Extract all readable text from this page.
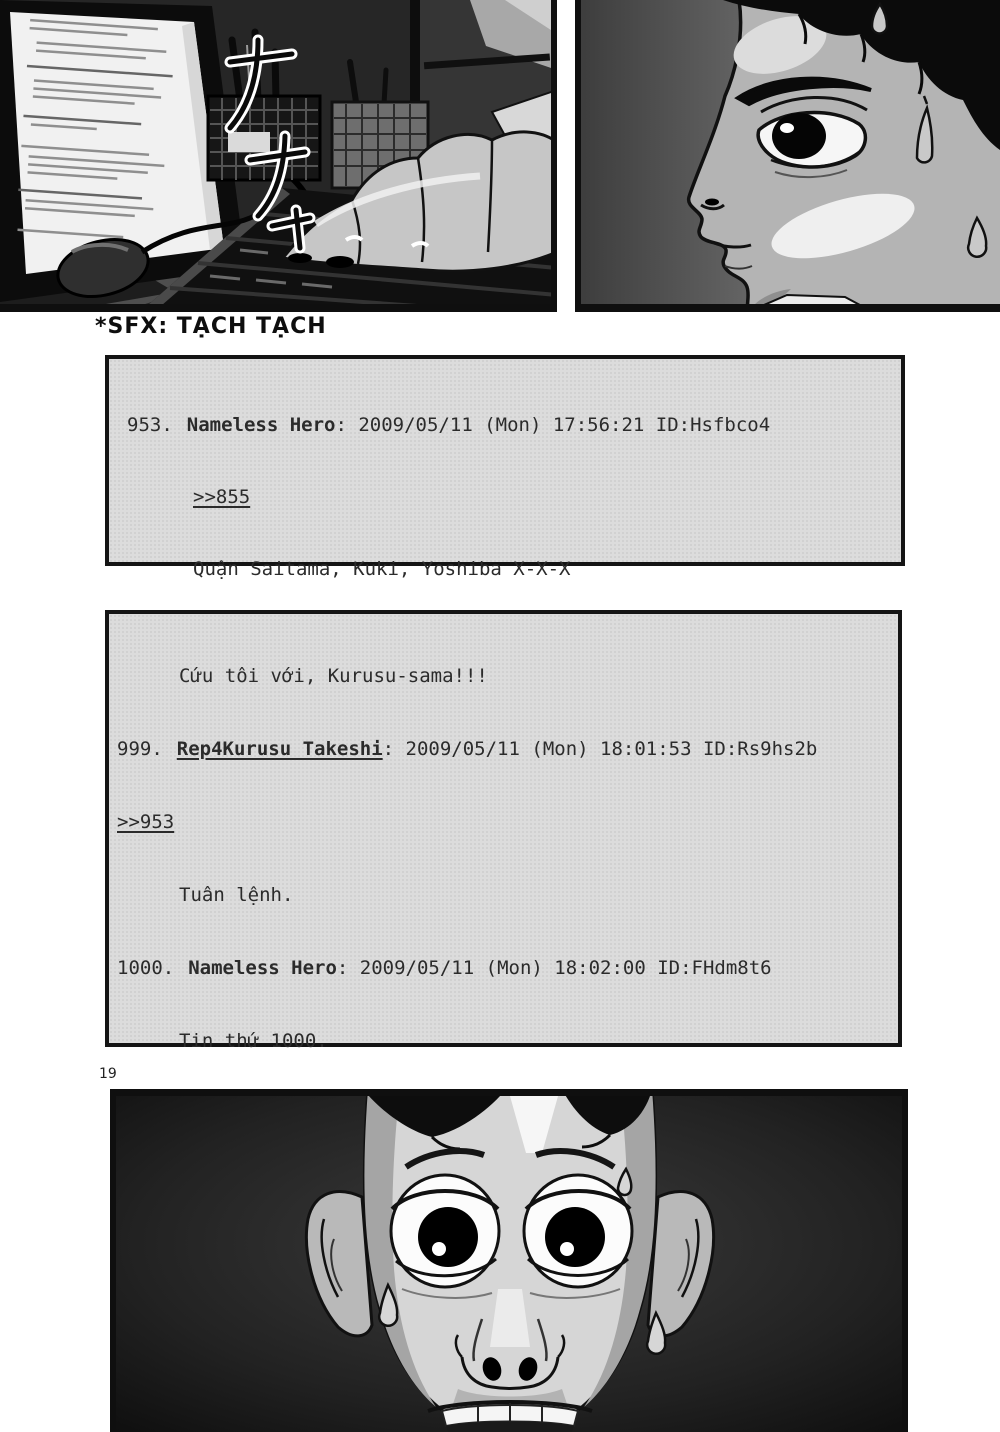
*SFX: TẠCH TẠCH

953. Nameless Hero: 2009/05/11 (Mon) 17:56:21 ID:Hsfbco4

>>855

Quận Saitama, Kuki, Yoshiba X-X-X

Cứu tôi với, Kurusu-sama!!!

999. Rep4Kurusu Takeshi: 2009/05/11 (Mon) 18:01:53 ID:Rs9hs2b

>>953

Tuân lệnh.

1000. Nameless Hero: 2009/05/11 (Mon) 18:02:00 ID:FHdm8t6

Tin thứ 1000.

19
